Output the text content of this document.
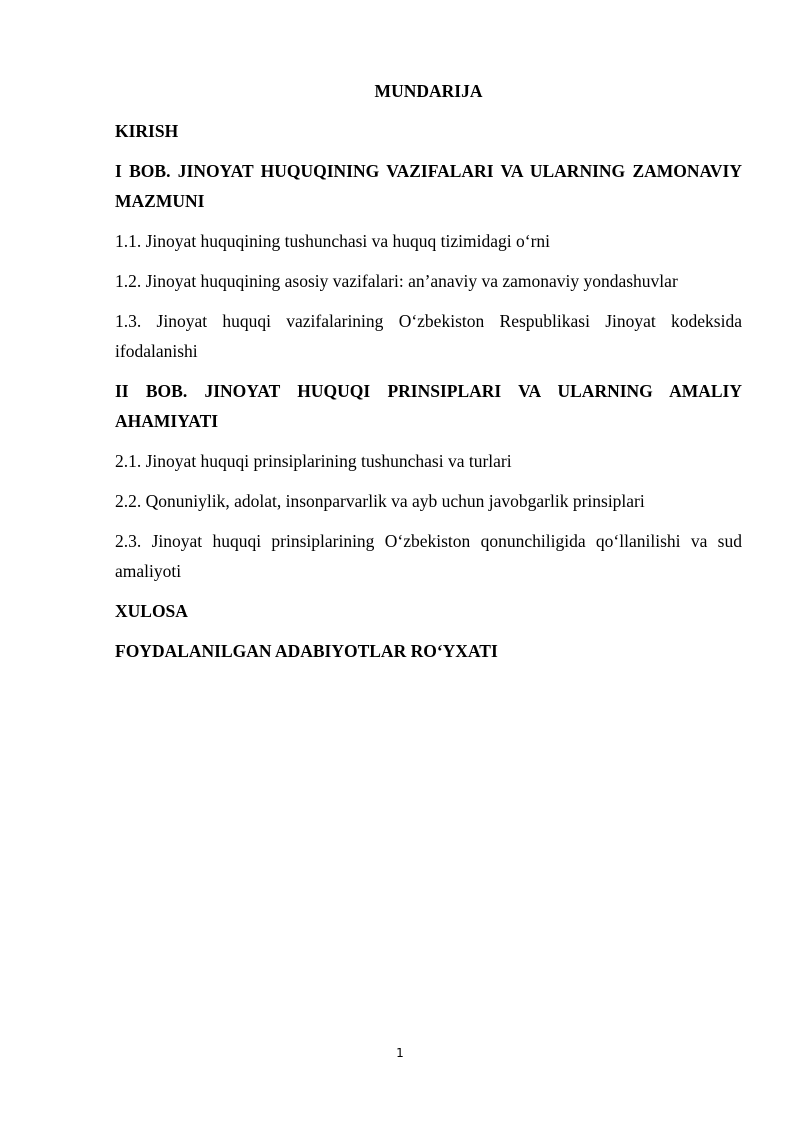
MUNDARIJA
KIRISH
I BOB. JINOYAT HUQUQINING VAZIFALARI VA ULARNING ZAMONAVIY MAZMUNI
1.1. Jinoyat huquqining tushunchasi va huquq tizimidagi o‘rni
1.2. Jinoyat huquqining asosiy vazifalari: an’anaviy va zamonaviy yondashuvlar
1.3. Jinoyat huquqi vazifalarining O‘zbekiston Respublikasi Jinoyat kodeksida ifodalanishi
II BOB. JINOYAT HUQUQI PRINSIPLARI VA ULARNING AMALIY AHAMIYATI
2.1. Jinoyat huquqi prinsiplarining tushunchasi va turlari
2.2. Qonuniylik, adolat, insonparvarlik va ayb uchun javobgarlik prinsiplari
2.3. Jinoyat huquqi prinsiplarining O‘zbekiston qonunchiligida qo‘llanilishi va sud amaliyoti
XULOSA
FOYDALANILGAN ADABIYOTLAR RO‘YXATI
1
